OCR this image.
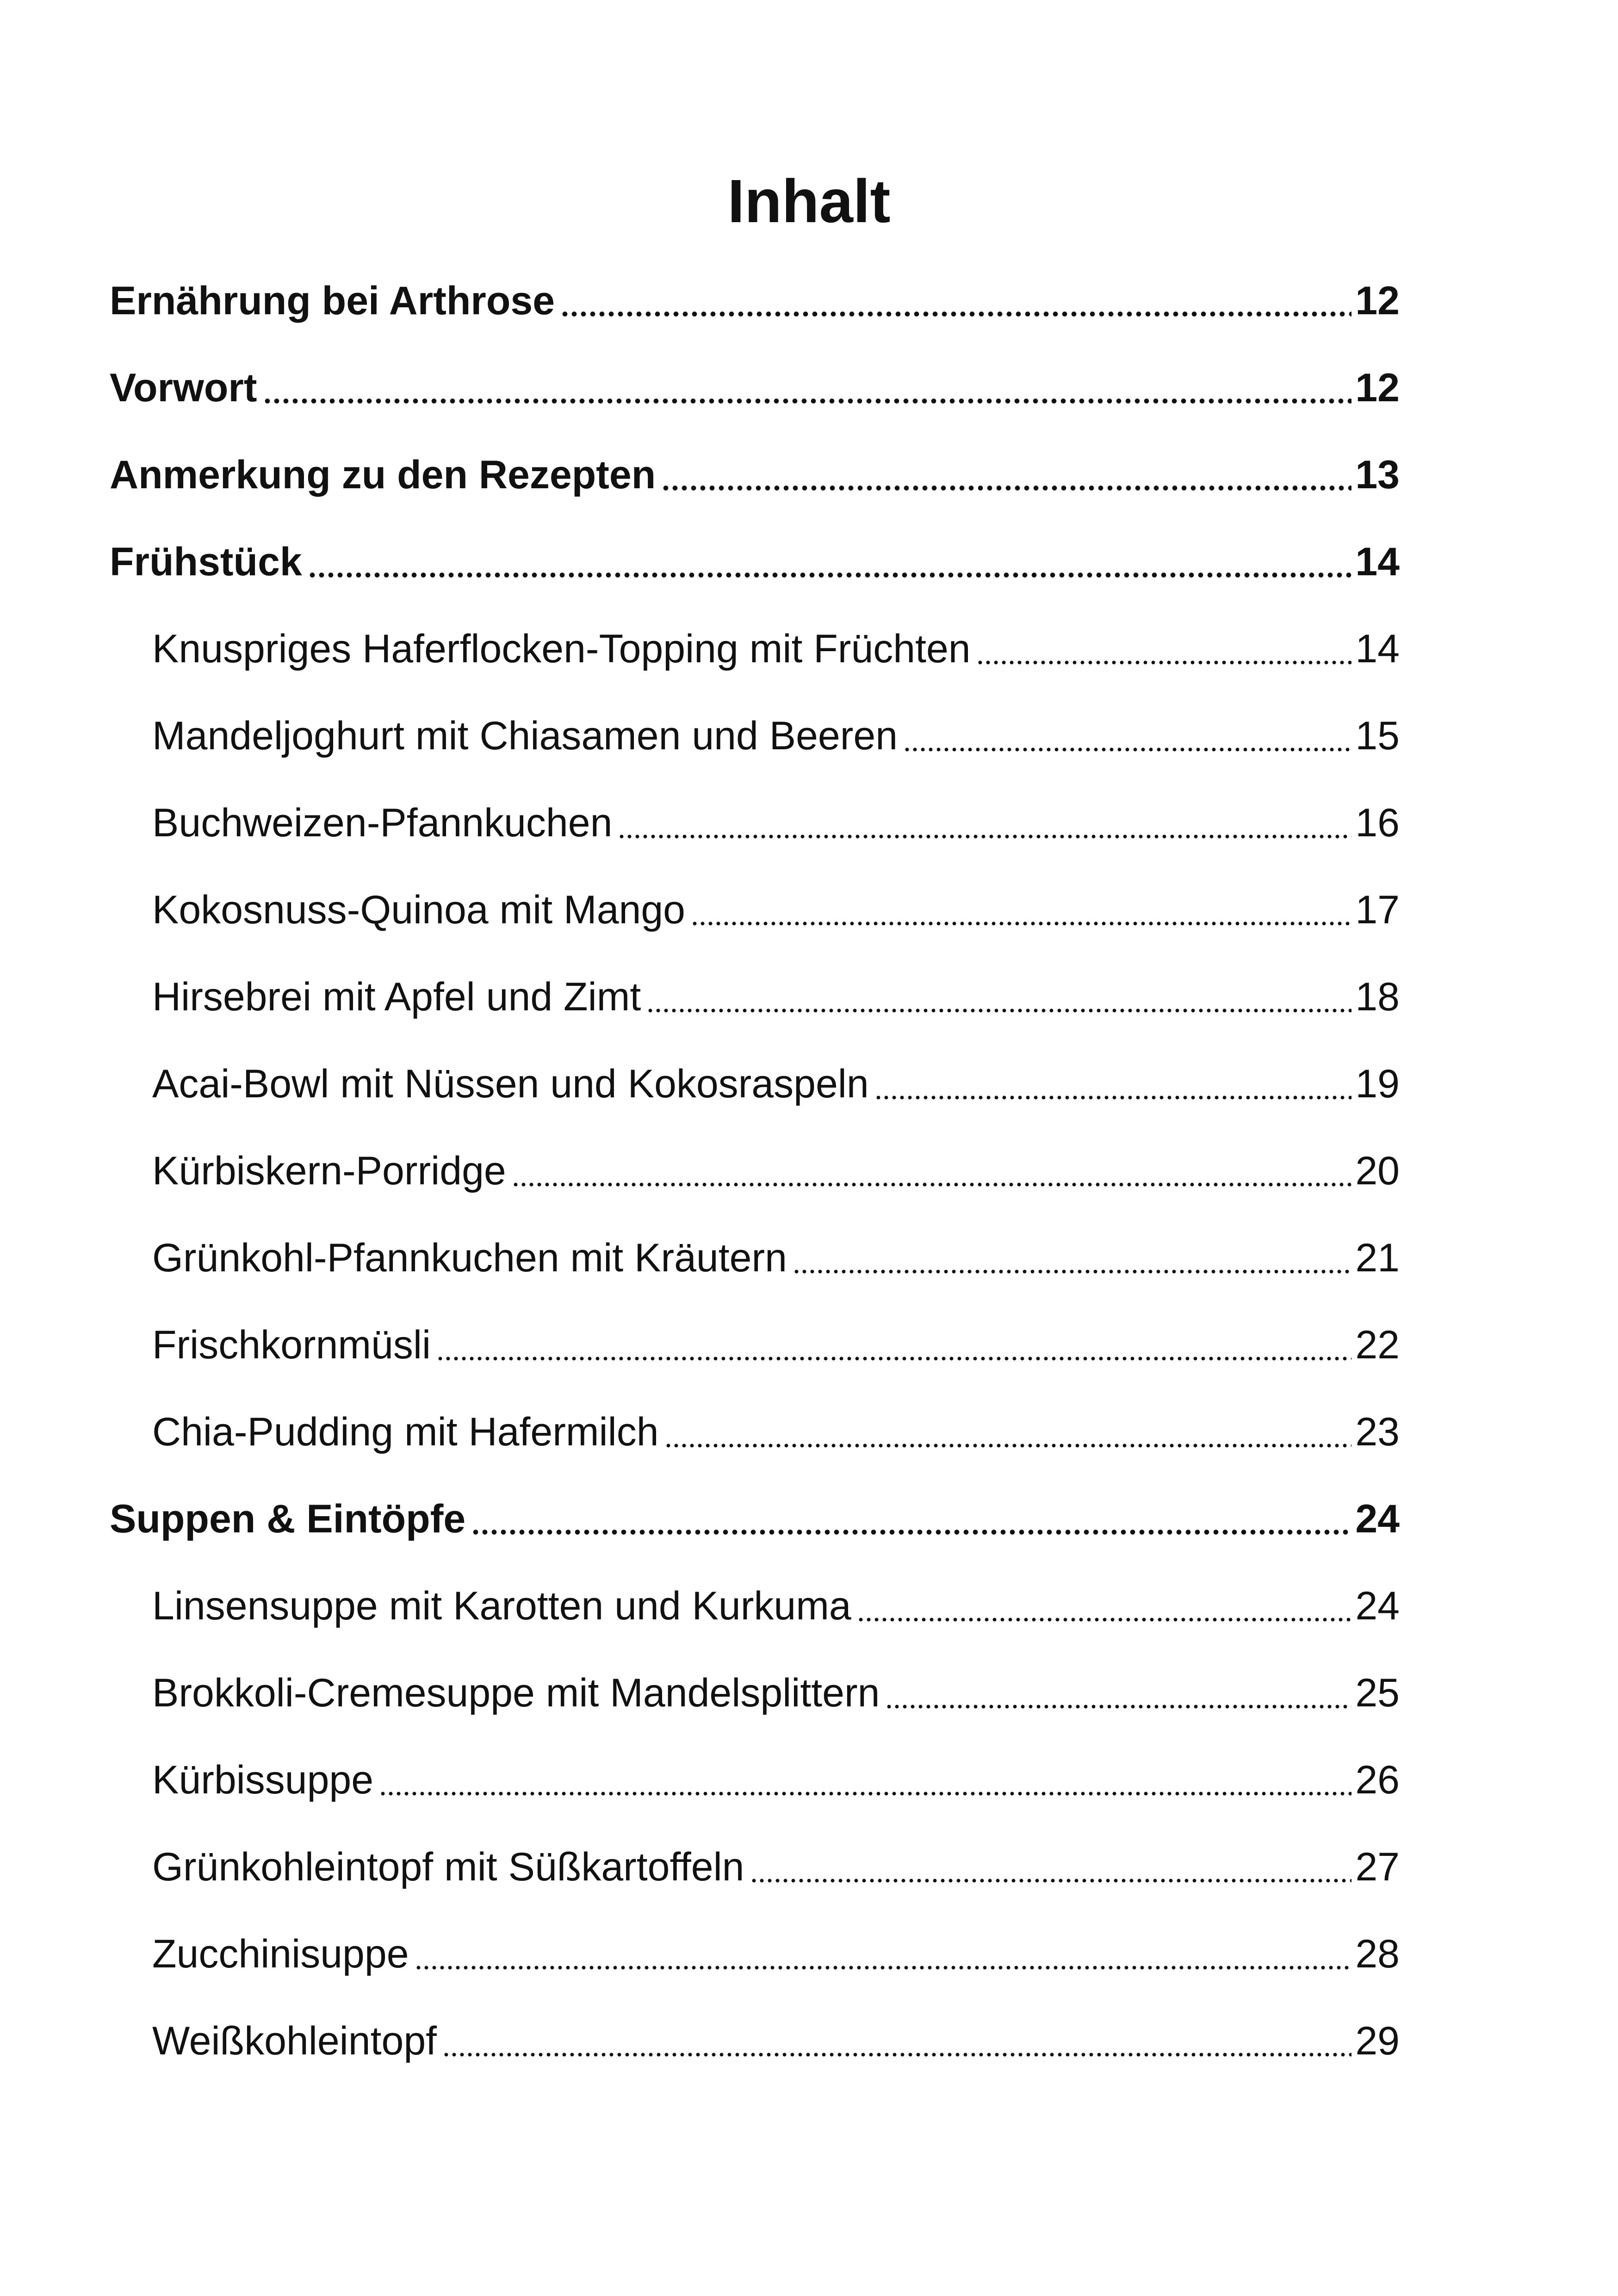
Inhalt
Ernährung bei Arthrose	12
Vorwort	12
Anmerkung zu den Rezepten	13
Frühstück	14
Knuspriges Haferflocken-Topping mit Früchten	14
Mandeljoghurt mit Chiasamen und Beeren	15
Buchweizen-Pfannkuchen	16
Kokosnuss-Quinoa mit Mango	17
Hirsebrei mit Apfel und Zimt	18
Acai-Bowl mit Nüssen und Kokosraspeln	19
Kürbiskern-Porridge	20
Grünkohl-Pfannkuchen mit Kräutern	21
Frischkornmüsli	22
Chia-Pudding mit Hafermilch	23
Suppen & Eintöpfe	24
Linsensuppe mit Karotten und Kurkuma	24
Brokkoli-Cremesuppe mit Mandelsplittern	25
Kürbissuppe	26
Grünkohleintopf mit Süßkartoffeln	27
Zucchinisuppe	28
Weißkohleintopf	29
